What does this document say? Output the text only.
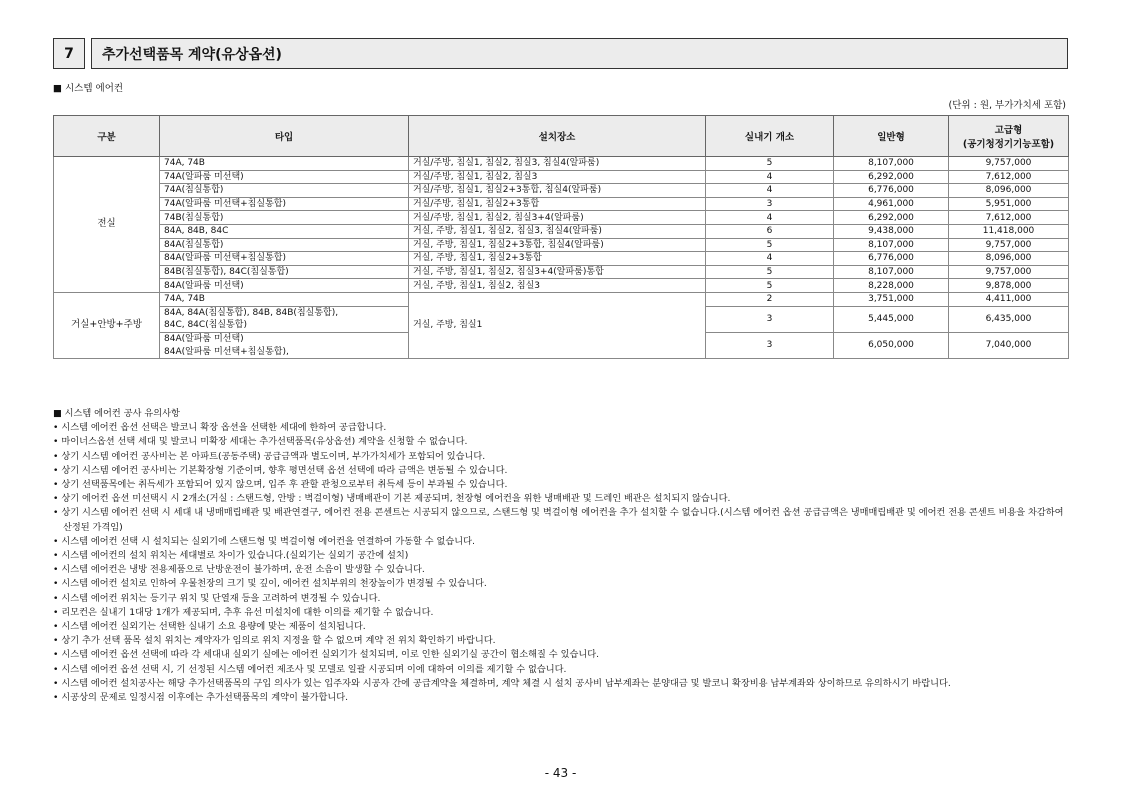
7	추가선택품목 계약(유상옵션)
■ 시스템 에어컨
(단위 : 원, 부가가치세 포함)
구분	타입	설치장소	실내기 개소	일반형	고급형
(공기청정기기능포함)
전실	74A, 74B	거실/주방, 침실1, 침실2, 침실3, 침실4(알파룸)	5	8,107,000	9,757,000
	74A(알파룸 미선택)	거실/주방, 침실1, 침실2, 침실3	4	6,292,000	7,612,000
	74A(침실통합)	거실/주방, 침실1, 침실2+3통합, 침실4(알파룸)	4	6,776,000	8,096,000
	74A(알파룸 미선택+침실통합)	거실/주방, 침실1, 침실2+3통합	3	4,961,000	5,951,000
	74B(침실통합)	거실/주방, 침실1, 침실2, 침실3+4(알파룸)	4	6,292,000	7,612,000
	84A, 84B, 84C	거실, 주방, 침실1, 침실2, 침실3, 침실4(알파룸)	6	9,438,000	11,418,000
	84A(침실통합)	거실, 주방, 침실1, 침실2+3통합, 침실4(알파룸)	5	8,107,000	9,757,000
	84A(알파룸 미선택+침실통합)	거실, 주방, 침실1, 침실2+3통합	4	6,776,000	8,096,000
	84B(침실통합), 84C(침실통합)	거실, 주방, 침실1, 침실2, 침실3+4(알파룸)통합	5	8,107,000	9,757,000
	84A(알파룸 미선택)	거실, 주방, 침실1, 침실2, 침실3	5	8,228,000	9,878,000
거실+안방+주방	74A, 74B	거실, 주방, 침실1	2	3,751,000	4,411,000
	84A, 84A(침실통합), 84B, 84B(침실통합),		3	5,445,000	6,435,000
	84C, 84C(침실통합)				
	84A(알파룸 미선택)		3	6,050,000	7,040,000
	84A(알파룸 미선택+침실통합),				
■ 시스템 에어컨 공사 유의사항
• 시스템 에어컨 옵션 선택은 발코니 확장 옵션을 선택한 세대에 한하여 공급합니다.
• 마이너스옵션 선택 세대 및 발코니 미확장 세대는 추가선택품목(유상옵션) 계약을 신청할 수 없습니다.
• 상기 시스템 에어컨 공사비는 본 아파트(공동주택) 공급금액과 별도이며, 부가가치세가 포함되어 있습니다.
• 상기 시스템 에어컨 공사비는 기본확장형 기준이며, 향후 평면선택 옵션 선택에 따라 금액은 변동될 수 있습니다.
• 상기 선택품목에는 취득세가 포함되어 있지 않으며, 입주 후 관할 관청으로부터 취득세 등이 부과될 수 있습니다.
• 상기 에어컨 옵션 미선택시 시 2개소(거실 : 스탠드형, 안방 : 벽걸이형) 냉매배관이 기본 제공되며, 천장형 에어컨을 위한 냉매배관 및 드레인 배관은 설치되지 않습니다.
• 상기 시스템 에어컨 선택 시 세대 내 냉매매립배관 및 배관연결구, 에어컨 전용 콘센트는 시공되지 않으므로, 스탠드형 및 벽걸이형 에어컨을 추가 설치할 수 없습니다.(시스템 에어컨 옵션 공급금액은 냉매매립배관 및 에어컨 전용 콘센트 비용을 차감하여 산정된 가격임)
• 시스템 에어컨 선택 시 설치되는 실외기에 스탠드형 및 벽걸이형 에어컨을 연결하여 가동할 수 없습니다.
• 시스템 에어컨의 설치 위치는 세대별로 차이가 있습니다.(실외기는 실외기 공간에 설치)
• 시스템 에어컨은 냉방 전용제품으로 난방운전이 불가하며, 운전 소음이 발생할 수 있습니다.
• 시스템 에어컨 설치로 인하여 우물천장의 크기 및 깊이, 에어컨 설치부위의 천장높이가 변경될 수 있습니다.
• 시스템 에어컨 위치는 등기구 위치 및 단열재 등을 고려하여 변경될 수 있습니다.
• 리모컨은 실내기 1대당 1개가 제공되며, 추후 유선 미설치에 대한 이의를 제기할 수 없습니다.
• 시스템 에어컨 실외기는 선택한 실내기 소요 용량에 맞는 제품이 설치됩니다.
• 상기 추가 선택 품목 설치 위치는 계약자가 임의로 위치 지정을 할 수 없으며 계약 전 위치 확인하기 바랍니다.
• 시스템 에어컨 옵션 선택에 따라 각 세대내 실외기 실에는 에어컨 실외기가 설치되며, 이로 인한 실외기실 공간이 협소해질 수 있습니다.
• 시스템 에어컨 옵션 선택 시, 기 선정된 시스템 에어컨 제조사 및 모델로 일괄 시공되며 이에 대하여 이의를 제기할 수 없습니다.
• 시스템 에어컨 설치공사는 해당 추가선택품목의 구입 의사가 있는 입주자와 시공자 간에 공급계약을 체결하며, 계약 체결 시 설치 공사비 납부계좌는 분양대금 및 발코니 확장비용 납부계좌와 상이하므로 유의하시기 바랍니다.
• 시공상의 문제로 일정시점 이후에는 추가선택품목의 계약이 불가합니다.
- 43 -
